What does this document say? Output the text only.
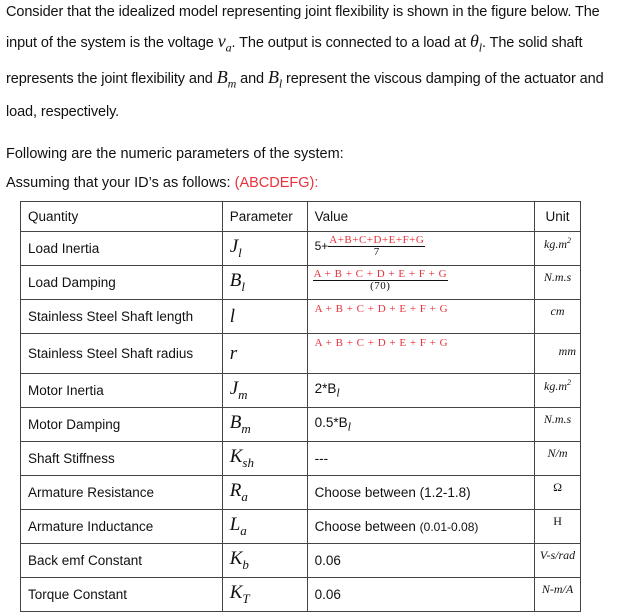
Consider that the idealized model representing joint flexibility is shown in the figure below. The
input of the system is the voltage $v_a$. The output is connected to a load at $\theta_l$. The solid shaft
represents the joint flexibility and $B_m$ and $B_l$ represent the viscous damping of the actuator and
load, respectively.
Following are the numeric parameters of the system:
Assuming that your ID’s as follows: (ABCDEFG):
Quantity	Parameter	Value	Unit
Load Inertia	$J_l$	$5+ \frac{A+B+C+D+E+F+G}{7}$	$kg.m^2$
Load Damping	$B_l$	$\frac{A + B + C + D + E + F + G}{(70)}$	N.m.s
Stainless Steel Shaft length	l	A + B + C + D + E + F + G	cm
Stainless Steel Shaft radius	r	A + B + C + D + E + F + G	mm
Motor Inertia	$J_m$	$2*B_l$	$kg.m^2$
Motor Damping	$B_m$	$0.5*B_l$	N.m.s
Shaft Stiffness	$K_{sh}$	---	N/m
Armature Resistance	$R_a$	Choose between (1.2-1.8)	Ω
Armature Inductance	$L_a$	Choose between (0.01-0.08)	H
Back emf Constant	$K_b$	0.06	V-s/rad
Torque Constant	$K_T$	0.06	N-m/A
